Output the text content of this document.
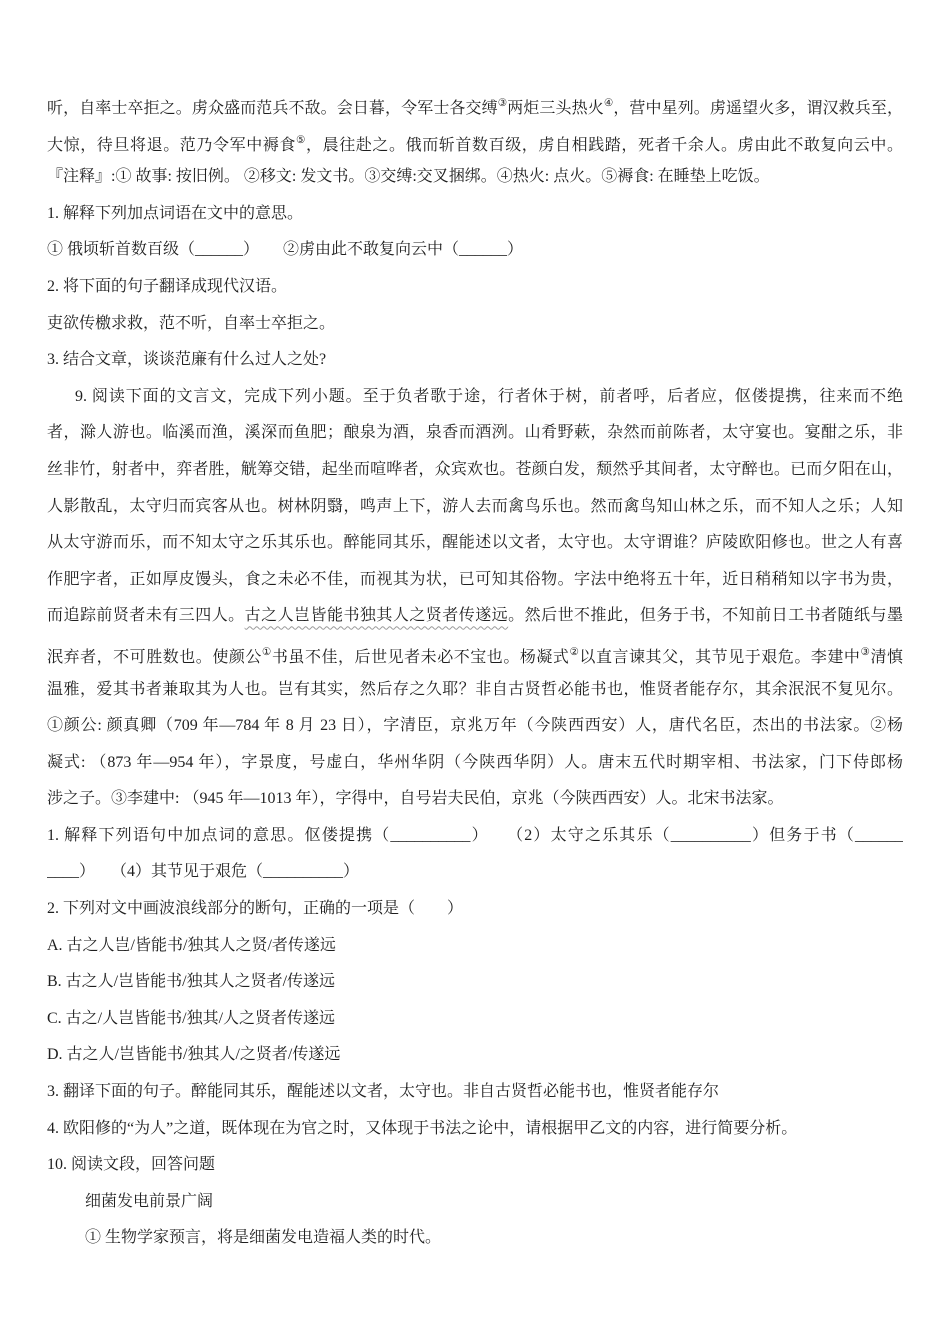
听，自率士卒拒之。虏众盛而范兵不敌。会日暮，令军士各交缚③两炬三头热火④，营中星列。虏遥望火多，谓汉救兵至，
大惊，待旦将退。范乃令军中褥食⑤，晨往赴之。俄而斩首数百级，虏自相践踏，死者千余人。虏由此不敢复向云中。
『注释』:① 故事: 按旧例。 ②移文: 发文书。③交缚:交叉捆绑。④热火: 点火。⑤褥食: 在睡垫上吃饭。
1. 解释下列加点词语在文中的意思。
① 俄顷斩首数百级（______）　　②虏由此不敢复向云中（______）
2. 将下面的句子翻译成现代汉语。
吏欲传檄求救，范不听，自率士卒拒之。
3. 结合文章，谈谈范廉有什么过人之处?
9. 阅读下面的文言文，完成下列小题。至于负者歌于途，行者休于树，前者呼，后者应，伛偻提携，往来而不绝
者，滁人游也。临溪而渔，溪深而鱼肥；酿泉为酒，泉香而酒洌。山肴野蔌，杂然而前陈者，太守宴也。宴酣之乐，非
丝非竹，射者中，弈者胜，觥筹交错，起坐而喧哗者，众宾欢也。苍颜白发，颓然乎其间者，太守醉也。已而夕阳在山，
人影散乱，太守归而宾客从也。树林阴翳，鸣声上下，游人去而禽鸟乐也。然而禽鸟知山林之乐，而不知人之乐；人知
从太守游而乐，而不知太守之乐其乐也。醉能同其乐，醒能述以文者，太守也。太守谓谁？庐陵欧阳修也。世之人有喜
作肥字者，正如厚皮馒头，食之未必不佳，而视其为状，已可知其俗物。字法中绝将五十年，近日稍稍知以字书为贵，
而追踪前贤者未有三四人。古之人岂皆能书独其人之贤者传遂远。然后世不推此，但务于书，不知前日工书者随纸与墨
泯弃者，不可胜数也。使颜公①书虽不佳，后世见者未必不宝也。杨凝式②以直言谏其父，其节见于艰危。李建中③清慎
温雅，爱其书者兼取其为人也。岂有其实，然后存之久耶？非自古贤哲必能书也，惟贤者能存尔，其余泯泯不复见尔。
①颜公: 颜真卿（709 年—784 年 8 月 23 日），字清臣，京兆万年（今陕西西安）人，唐代名臣，杰出的书法家。②杨
凝式: （873 年—954 年），字景度，号虚白，华州华阴（今陕西华阴）人。唐末五代时期宰相、书法家，门下侍郎杨
涉之子。③李建中: （945 年—1013 年），字得中，自号岩夫民伯，京兆（今陕西西安）人。北宋书法家。
1. 解释下列语句中加点词的意思。伛偻提携（__________）　　（2）太守之乐其乐（__________）但务于书（______
____）　　（4）其节见于艰危（__________）
2. 下列对文中画波浪线部分的断句，正确的一项是（　　）
A. 古之人岂/皆能书/独其人之贤/者传遂远
B. 古之人/岂皆能书/独其人之贤者/传遂远
C. 古之/人岂皆能书/独其/人之贤者传遂远
D. 古之人/岂皆能书/独其人/之贤者/传遂远
3. 翻译下面的句子。醉能同其乐，醒能述以文者，太守也。非自古贤哲必能书也，惟贤者能存尔
4. 欧阳修的“为人”之道，既体现在为官之时，又体现于书法之论中，请根据甲乙文的内容，进行简要分析。
10. 阅读文段，回答问题
细菌发电前景广阔
① 生物学家预言，将是细菌发电造福人类的时代。
